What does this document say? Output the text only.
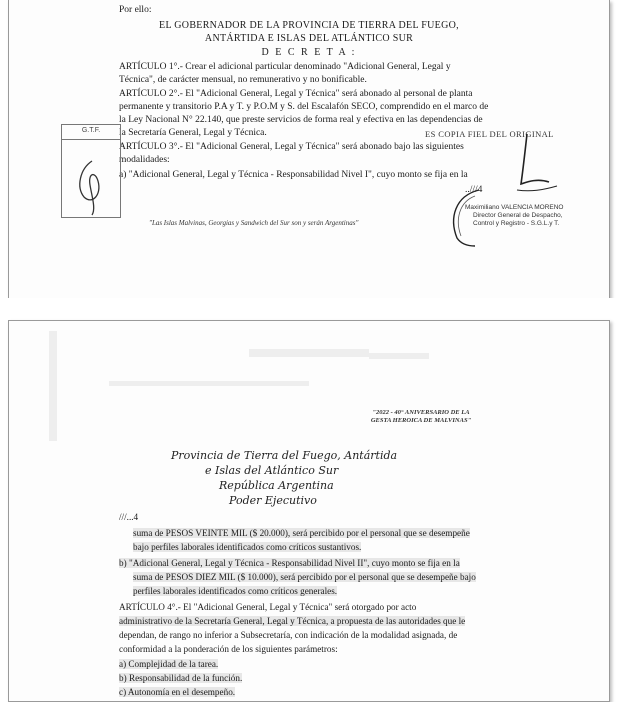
Por ello:
EL GOBERNADOR DE LA PROVINCIA DE TIERRA DEL FUEGO,
ANTÁRTIDA E ISLAS DEL ATLÁNTICO SUR
D E C R E T A :
ARTÍCULO 1°.- Crear el adicional particular denominado "Adicional General, Legal y
Técnica", de carácter mensual, no remunerativo y no bonificable.
ARTÍCULO 2°.- El "Adicional General, Legal y Técnica" será abonado al personal de planta
permanente y transitorio P.A y T. y P.O.M y S. del Escalafón SECO, comprendido en el marco de
la Ley Nacional N° 22.140, que preste servicios de forma real y efectiva en las dependencias de
la Secretaría General, Legal y Técnica.	ES COPIA FIEL DEL ORIGINAL
ARTÍCULO 3°.- El "Adicional General, Legal y Técnica" será abonado bajo las siguientes
modalidades:
a) "Adicional General, Legal y Técnica - Responsabilidad Nivel I", cuyo monto se fija en la
..///4
G.T.F.
Maximiliano VALENCIA MORENO
Director General de Despacho,
Control y Registro - S.G.L.y T.
"Las Islas Malvinas, Georgias y Sandwich del Sur son y serán Argentinas"
"2022 - 40° ANIVERSARIO DE LA
GESTA HEROICA DE MALVINAS"
Provincia de Tierra del Fuego, Antártida
e Islas del Atlántico Sur
República Argentina
Poder Ejecutivo
///...4
suma de PESOS VEINTE MIL ($ 20.000), será percibido por el personal que se desempeñe
bajo perfiles laborales identificados como críticos sustantivos.
b) "Adicional General, Legal y Técnica - Responsabilidad Nivel II", cuyo monto se fija en la
suma de PESOS DIEZ MIL ($ 10.000), será percibido por el personal que se desempeñe bajo
perfiles laborales identificados como críticos generales.
ARTÍCULO 4°.- El "Adicional General, Legal y Técnica" será otorgado por acto
administrativo de la Secretaría General, Legal y Técnica, a propuesta de las autoridades que le
dependan, de rango no inferior a Subsecretaría, con indicación de la modalidad asignada, de
conformidad a la ponderación de los siguientes parámetros:
a) Complejidad de la tarea.
b) Responsabilidad de la función.
c) Autonomía en el desempeño.
